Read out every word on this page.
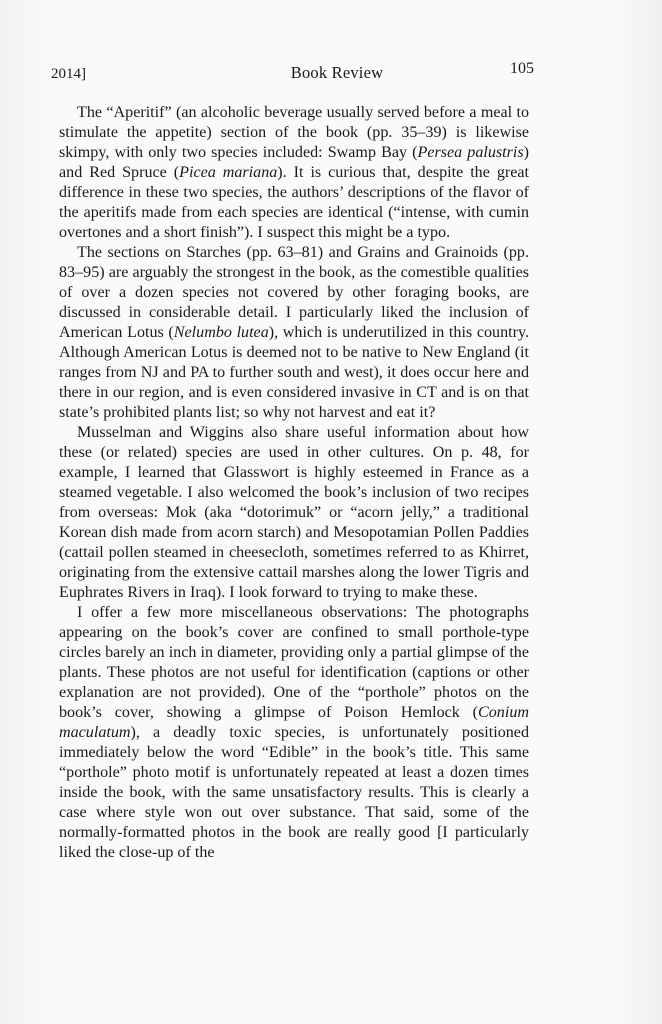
2014]	Book Review	105

The “Aperitif” (an alcoholic beverage usually served before a meal to stimulate the appetite) section of the book (pp. 35–39) is likewise skimpy, with only two species included: Swamp Bay (Persea palustris) and Red Spruce (Picea mariana). It is curious that, despite the great difference in these two species, the authors’ descriptions of the flavor of the aperitifs made from each species are identical (“intense, with cumin overtones and a short finish”). I suspect this might be a typo.

The sections on Starches (pp. 63–81) and Grains and Grainoids (pp. 83–95) are arguably the strongest in the book, as the comestible qualities of over a dozen species not covered by other foraging books, are discussed in considerable detail. I particularly liked the inclusion of American Lotus (Nelumbo lutea), which is underutilized in this country. Although American Lotus is deemed not to be native to New England (it ranges from NJ and PA to further south and west), it does occur here and there in our region, and is even considered invasive in CT and is on that state’s prohibited plants list; so why not harvest and eat it?

Musselman and Wiggins also share useful information about how these (or related) species are used in other cultures. On p. 48, for example, I learned that Glasswort is highly esteemed in France as a steamed vegetable. I also welcomed the book’s inclusion of two recipes from overseas: Mok (aka “dotorimuk” or “acorn jelly,” a traditional Korean dish made from acorn starch) and Mesopotamian Pollen Paddies (cattail pollen steamed in cheesecloth, sometimes referred to as Khirret, originating from the extensive cattail marshes along the lower Tigris and Euphrates Rivers in Iraq). I look forward to trying to make these.

I offer a few more miscellaneous observations: The photographs appearing on the book’s cover are confined to small porthole-type circles barely an inch in diameter, providing only a partial glimpse of the plants. These photos are not useful for identification (captions or other explanation are not provided). One of the “porthole” photos on the book’s cover, showing a glimpse of Poison Hemlock (Conium maculatum), a deadly toxic species, is unfortunately positioned immediately below the word “Edible” in the book’s title. This same “porthole” photo motif is unfortunately repeated at least a dozen times inside the book, with the same unsatisfactory results. This is clearly a case where style won out over substance. That said, some of the normally-formatted photos in the book are really good [I particularly liked the close-up of the
